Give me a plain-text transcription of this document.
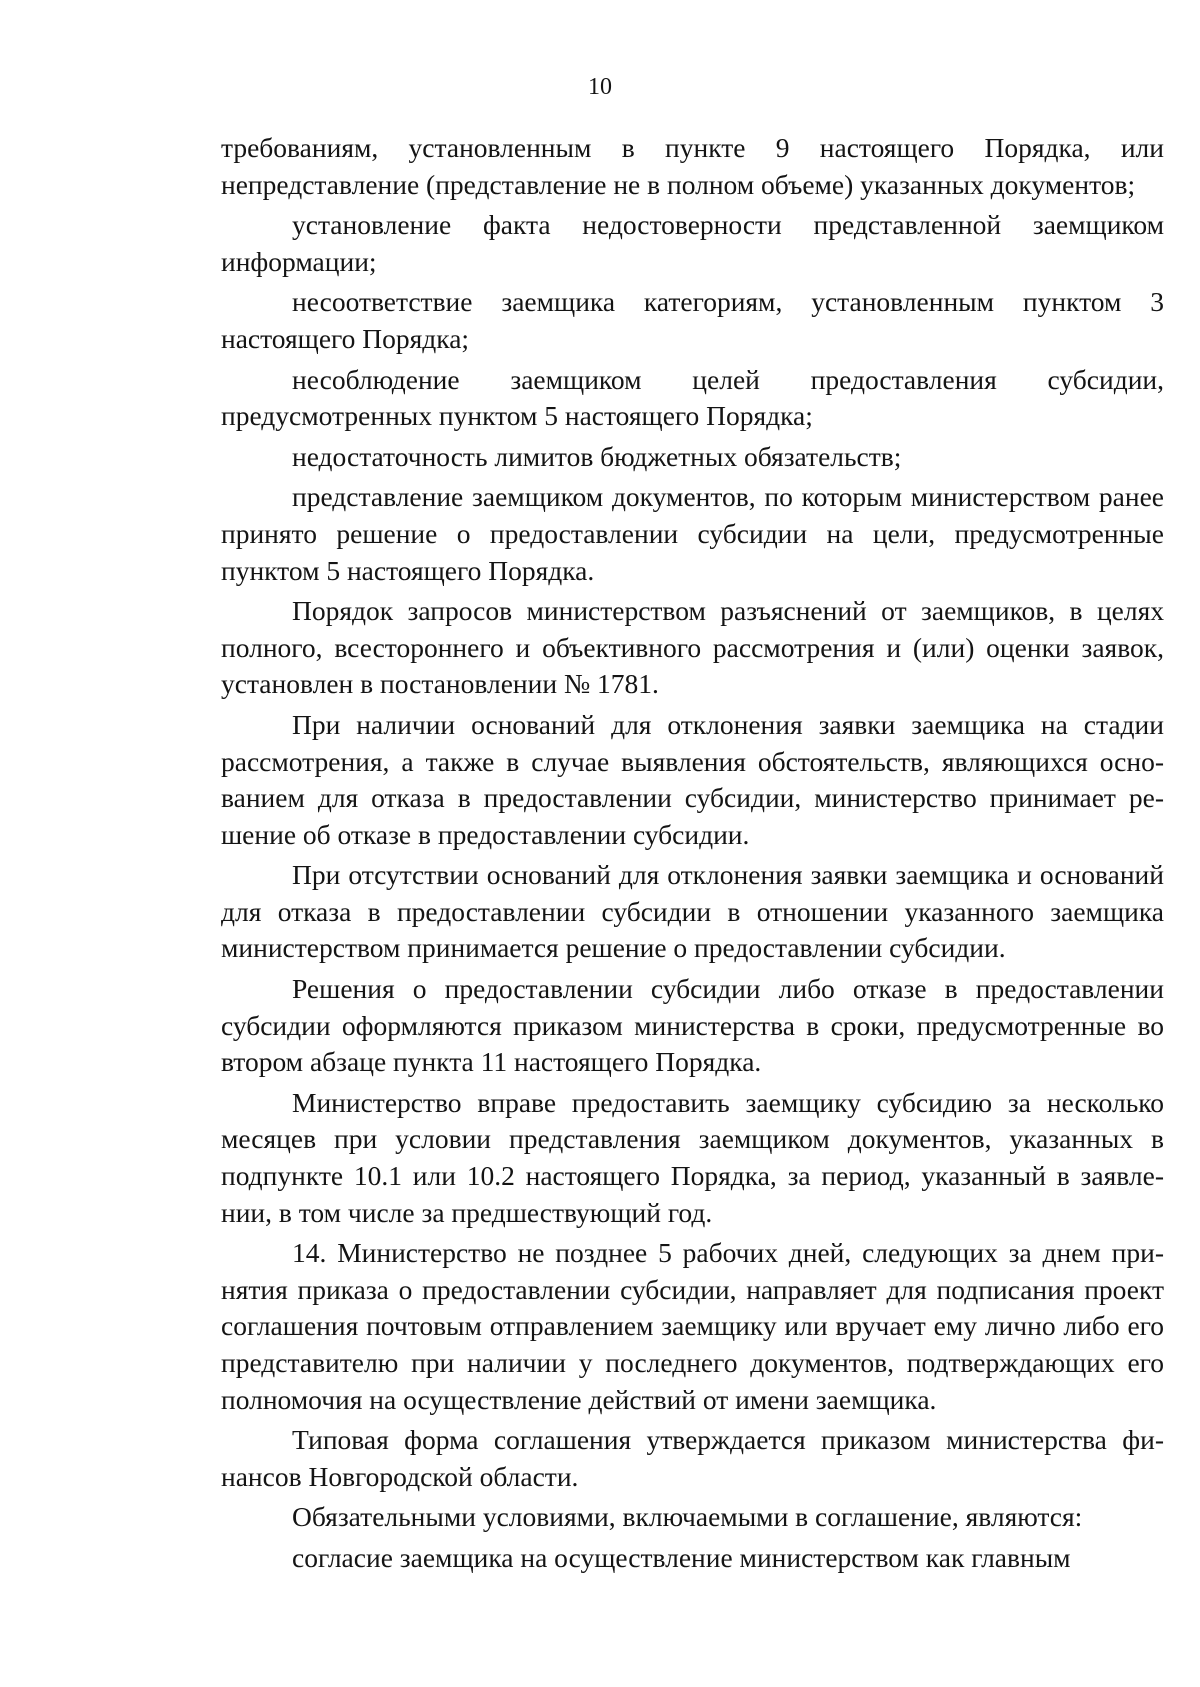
10

требованиям, установленным в пункте 9 настоящего Порядка, или непредставление (представление не в полном объеме) указанных документов;

установление факта недостоверности представленной заемщиком информации;

несоответствие заемщика категориям, установленным пунктом 3 настоящего Порядка;

несоблюдение заемщиком целей предоставления субсидии, предусмотренных пунктом 5 настоящего Порядка;

недостаточность лимитов бюджетных обязательств;

представление заемщиком документов, по которым министерством ранее принято решение о предоставлении субсидии на цели, предусмотренные пунктом 5 настоящего Порядка.

Порядок запросов министерством разъяснений от заемщиков, в целях полного, всестороннего и объективного рассмотрения и (или) оценки заявок, установлен в постановлении № 1781.

При наличии оснований для отклонения заявки заемщика на стадии рассмотрения, а также в случае выявления обстоятельств, являющихся основанием для отказа в предоставлении субсидии, министерство принимает решение об отказе в предоставлении субсидии.

При отсутствии оснований для отклонения заявки заемщика и оснований для отказа в предоставлении субсидии в отношении указанного заемщика министерством принимается решение о предоставлении субсидии.

Решения о предоставлении субсидии либо отказе в предоставлении субсидии оформляются приказом министерства в сроки, предусмотренные во втором абзаце пункта 11 настоящего Порядка.

Министерство вправе предоставить заемщику субсидию за несколько месяцев при условии представления заемщиком документов, указанных в подпункте 10.1 или 10.2 настоящего Порядка, за период, указанный в заявлении, в том числе за предшествующий год.

14. Министерство не позднее 5 рабочих дней, следующих за днем принятия приказа о предоставлении субсидии, направляет для подписания проект соглашения почтовым отправлением заемщику или вручает ему лично либо его представителю при наличии у последнего документов, подтверждающих его полномочия на осуществление действий от имени заемщика.

Типовая форма соглашения утверждается приказом министерства финансов Новгородской области.

Обязательными условиями, включаемыми в соглашение, являются:

согласие заемщика на осуществление министерством как главным
